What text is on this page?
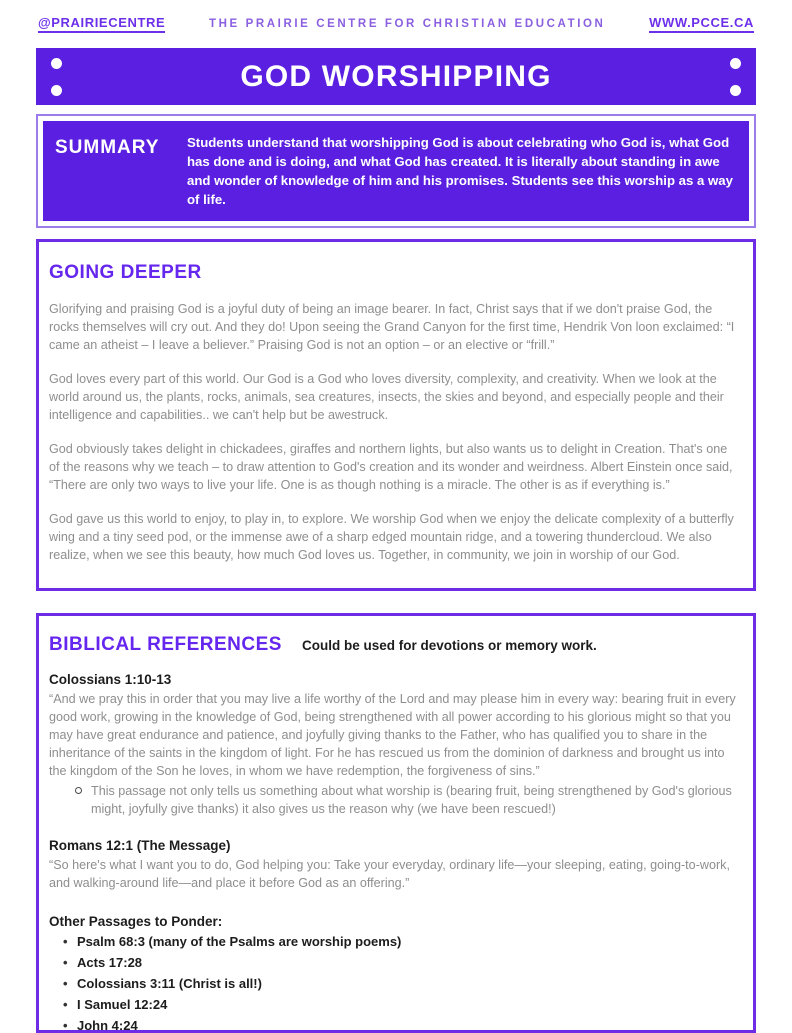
@PRAIRIECENTRE	THE PRAIRIE CENTRE FOR CHRISTIAN EDUCATION	WWW.PCCE.CA
GOD WORSHIPPING
SUMMARY	Students understand that worshipping God is about celebrating who God is, what God has done and is doing, and what God has created. It is literally about standing in awe and wonder of knowledge of him and his promises. Students see this worship as a way of life.
GOING DEEPER

Glorifying and praising God is a joyful duty of being an image bearer. In fact, Christ says that if we don't praise God, the rocks themselves will cry out. And they do! Upon seeing the Grand Canyon for the first time, Hendrik Von loon exclaimed: “I came an atheist – I leave a believer.” Praising God is not an option – or an elective or “frill.”

God loves every part of this world. Our God is a God who loves diversity, complexity, and creativity. When we look at the world around us, the plants, rocks, animals, sea creatures, insects, the skies and beyond, and especially people and their intelligence and capabilities.. we can't help but be awestruck.

God obviously takes delight in chickadees, giraffes and northern lights, but also wants us to delight in Creation. That's one of the reasons why we teach – to draw attention to God's creation and its wonder and weirdness. Albert Einstein once said, “There are only two ways to live your life. One is as though nothing is a miracle. The other is as if everything is.”

God gave us this world to enjoy, to play in, to explore. We worship God when we enjoy the delicate complexity of a butterfly wing and a tiny seed pod, or the immense awe of a sharp edged mountain ridge, and a towering thundercloud. We also realize, when we see this beauty, how much God loves us. Together, in community, we join in worship of our God.

BIBLICAL REFERENCES Could be used for devotions or memory work.
Colossians 1:10-13

“And we pray this in order that you may live a life worthy of the Lord and may please him in every way: bearing fruit in every good work, growing in the knowledge of God, being strengthened with all power according to his glorious might so that you may have great endurance and patience, and joyfully giving thanks to the Father, who has qualified you to share in the inheritance of the saints in the kingdom of light. For he has rescued us from the dominion of darkness and brought us into the kingdom of the Son he loves, in whom we have redemption, the forgiveness of sins.”

This passage not only tells us something about what worship is (bearing fruit, being strengthened by God's glorious might, joyfully give thanks) it also gives us the reason why (we have been rescued!)
Romans 12:1 (The Message)

“So here's what I want you to do, God helping you: Take your everyday, ordinary life—your sleeping, eating, going-to-work, and walking-around life—and place it before God as an offering.”

Other Passages to Ponder:
• Psalm 68:3 (many of the Psalms are worship poems)
• Acts 17:28
• Colossians 3:11 (Christ is all!)
• I Samuel 12:24
• John 4:24
